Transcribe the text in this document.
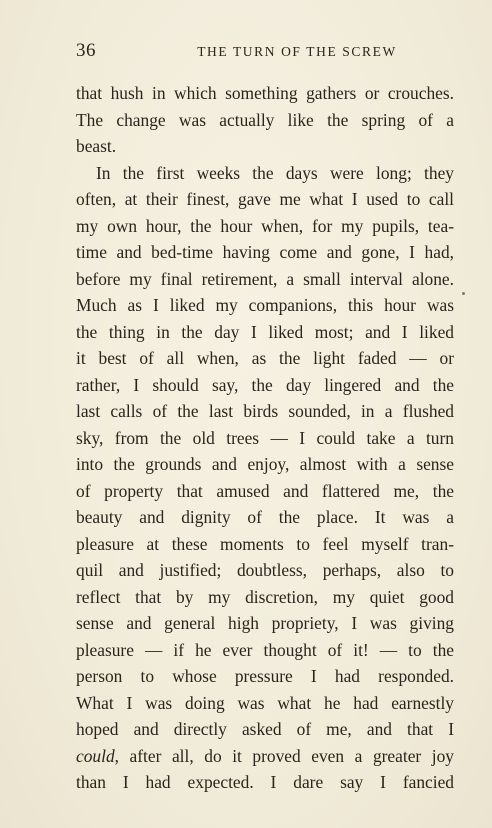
36	THE TURN OF THE SCREW
that hush in which something gathers or crouches.
The change was actually like the spring of a
beast.
In the first weeks the days were long; they
often, at their finest, gave me what I used to call
my own hour, the hour when, for my pupils, tea-
time and bed-time having come and gone, I had,
before my final retirement, a small interval alone.
Much as I liked my companions, this hour was
the thing in the day I liked most; and I liked
it best of all when, as the light faded — or
rather, I should say, the day lingered and the
last calls of the last birds sounded, in a flushed
sky, from the old trees — I could take a turn
into the grounds and enjoy, almost with a sense
of property that amused and flattered me, the
beauty and dignity of the place. It was a
pleasure at these moments to feel myself tran-
quil and justified; doubtless, perhaps, also to
reflect that by my discretion, my quiet good
sense and general high propriety, I was giving
pleasure — if he ever thought of it! — to the
person to whose pressure I had responded.
What I was doing was what he had earnestly
hoped and directly asked of me, and that I
could, after all, do it proved even a greater joy
than I had expected. I dare say I fancied
